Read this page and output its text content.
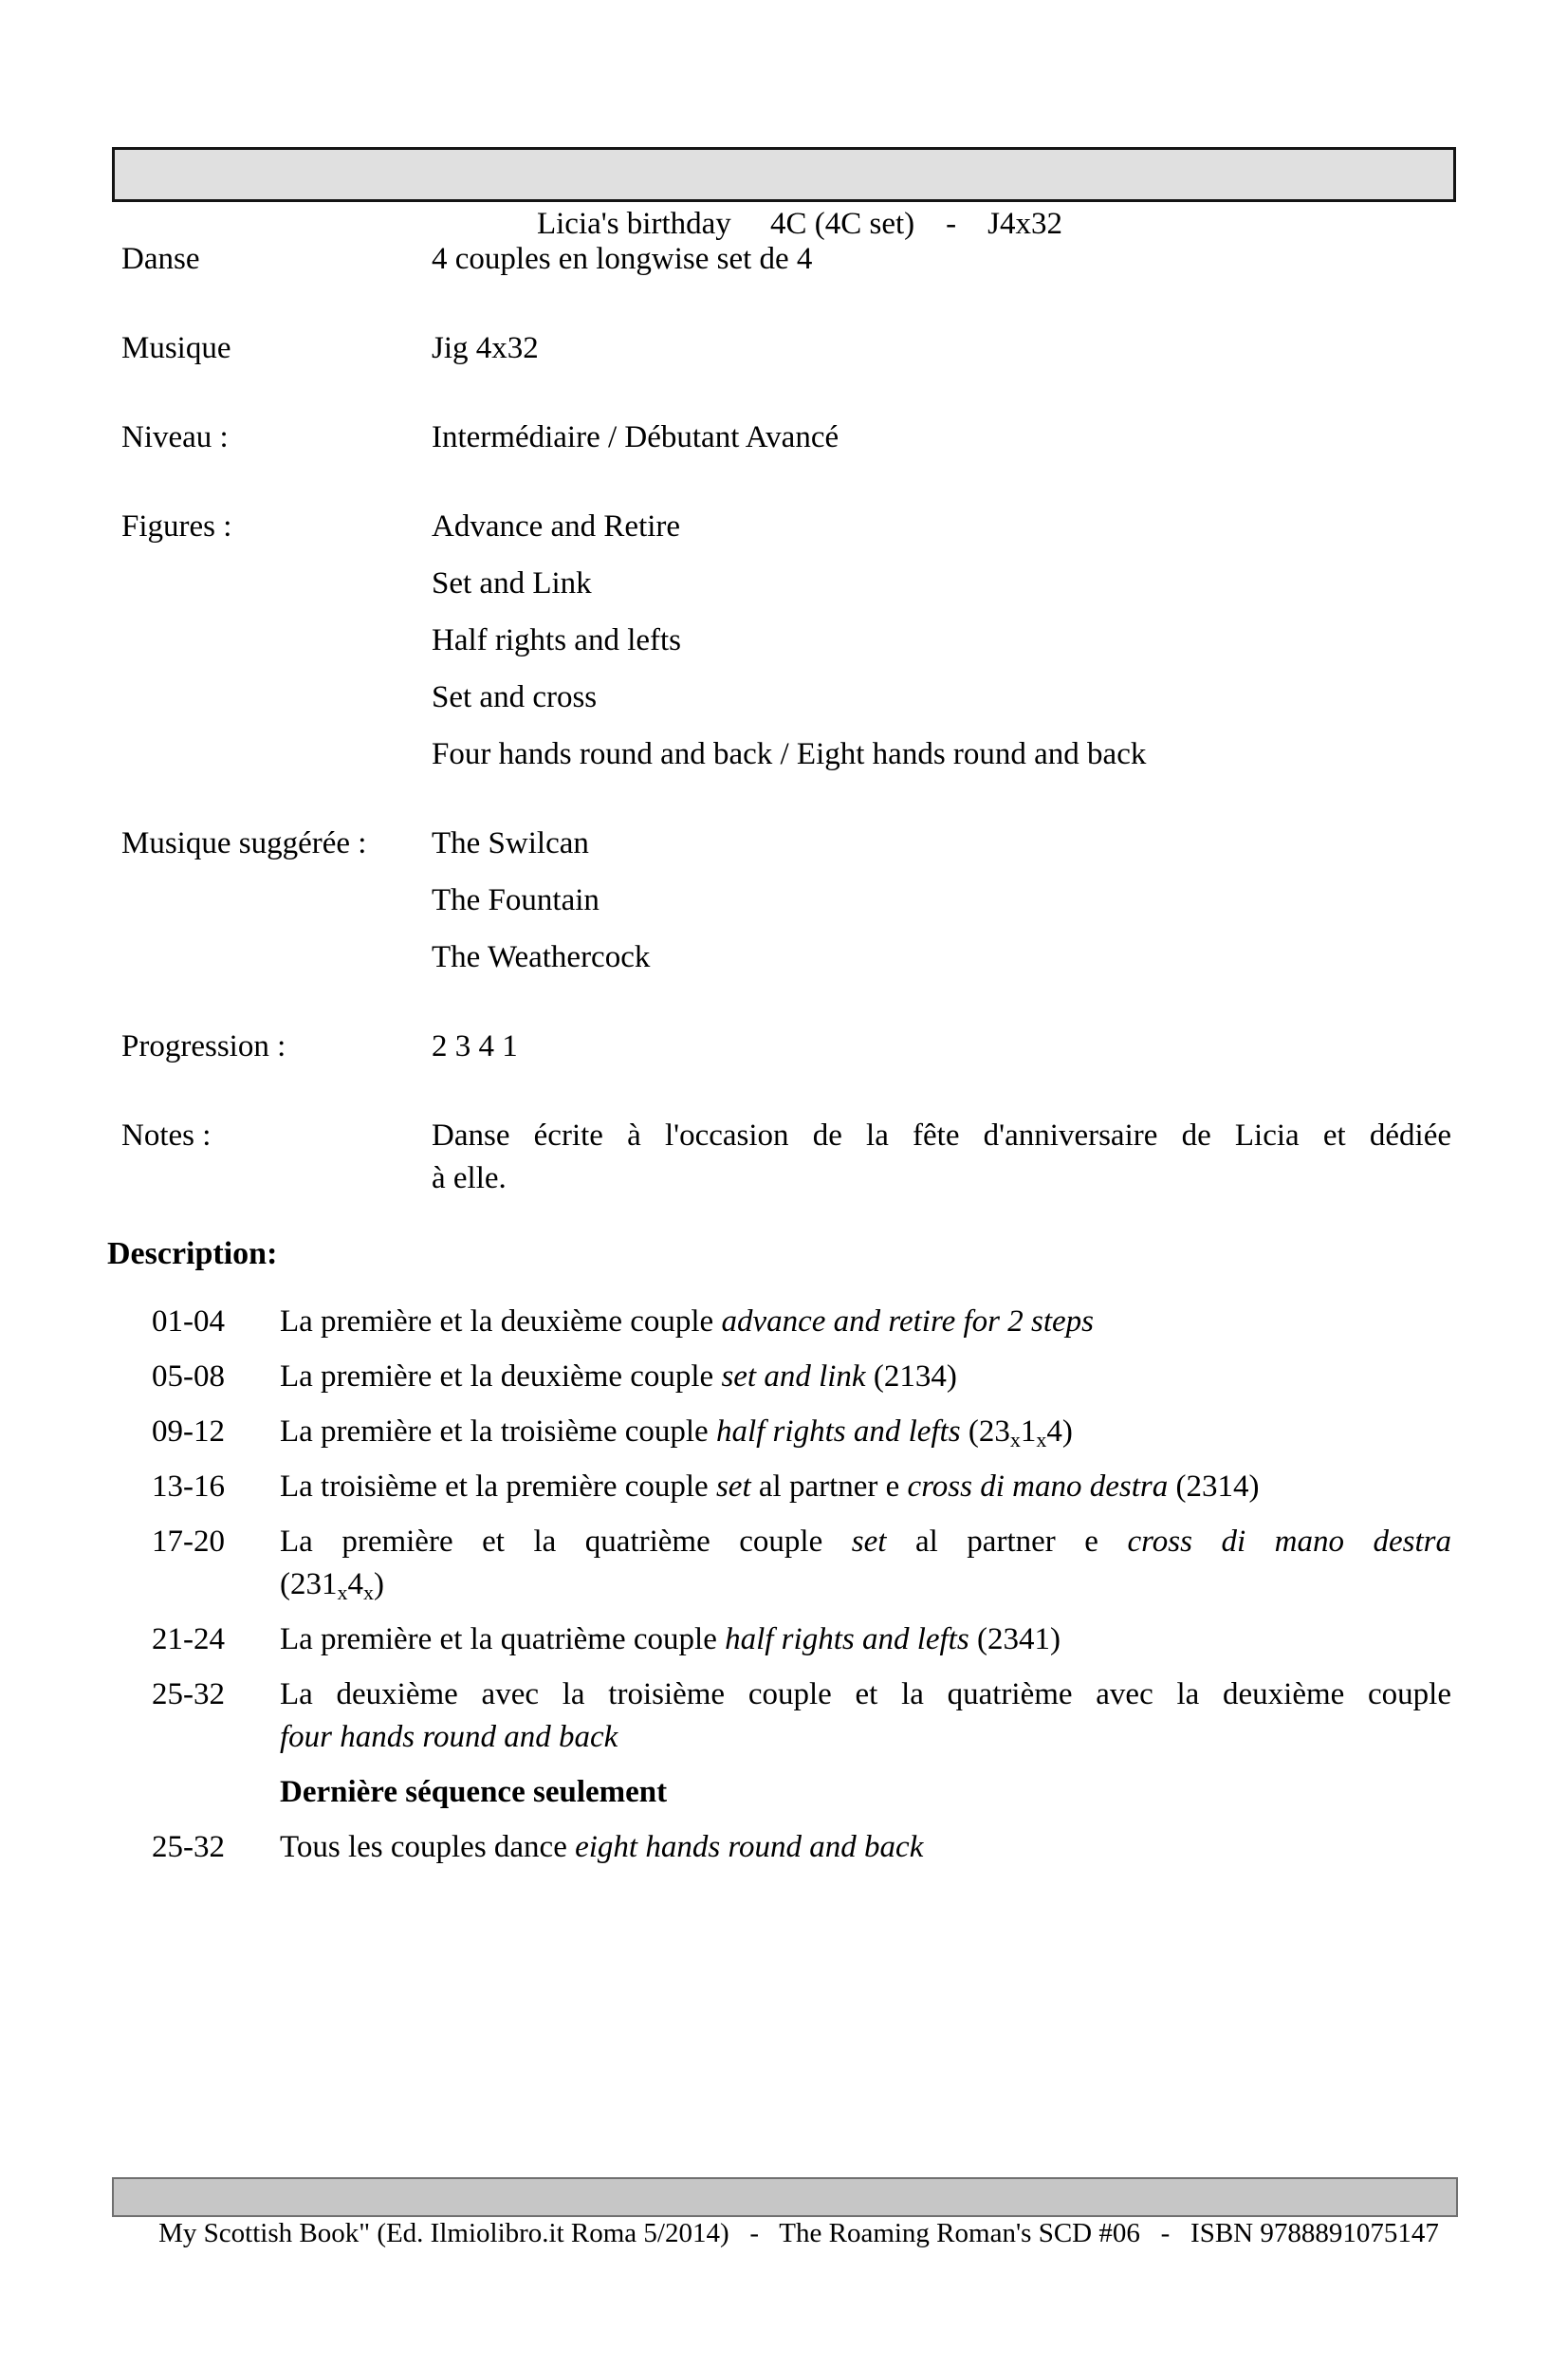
Licia's birthday     4C (4C set)    -    J4x32

Danse	4 couples en longwise set de 4
Musique	Jig 4x32
Niveau :	Intermédiaire / Débutant Avancé
Figures :	Advance and Retire
Set and Link
Half rights and lefts
Set and cross
Four hands round and back / Eight hands round and back
Musique suggérée :	The Swilcan
The Fountain
The Weathercock
Progression :	2 3 4 1
Notes :	Danse écrite à l'occasion de la fête d'anniversaire de Licia et dédiée
à elle.
Description:
01-04	La première et la deuxième couple advance and retire for 2 steps
05-08	La première et la deuxième couple set and link (2134)
09-12	La première et la troisième couple half rights and lefts $(23_x1_x4)$
13-16	La troisième et la première couple set al partner e cross di mano destra (2314)
17-20	La première et la quatrième couple set al partner e cross di mano destra
$(231_x4_x)$
21-24	La première et la quatrième couple half rights and lefts (2341)
25-32	La deuxième avec la troisième couple et la quatrième avec la deuxième couple
four hands round and back
Dernière séquence seulement
25-32	Tous les couples dance eight hands round and back

My Scottish Book" (Ed. Ilmiolibro.it Roma 5/2014)   -   The Roaming Roman's SCD #06   -   ISBN 9788891075147
